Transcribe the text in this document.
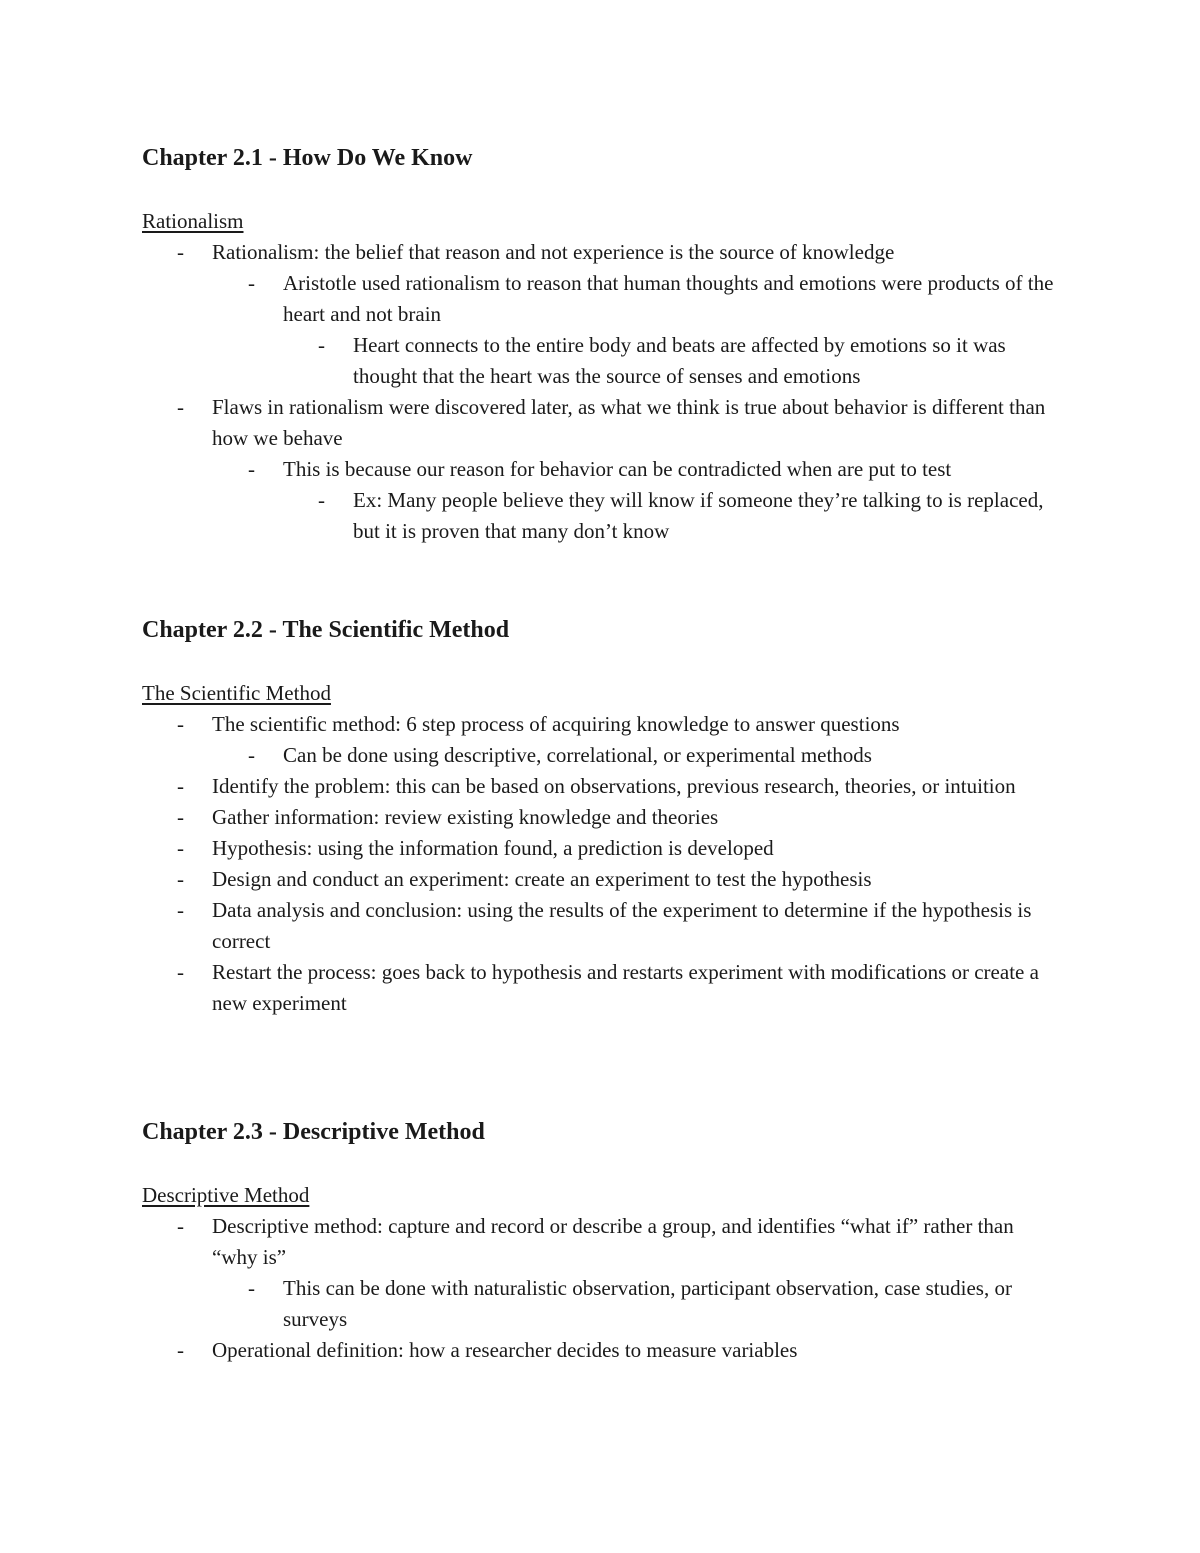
Chapter 2.1 - How Do We Know
Rationalism
- Rationalism: the belief that reason and not experience is the source of knowledge
- Aristotle used rationalism to reason that human thoughts and emotions were products of the heart and not brain
- Heart connects to the entire body and beats are affected by emotions so it was thought that the heart was the source of senses and emotions
- Flaws in rationalism were discovered later, as what we think is true about behavior is different than how we behave
- This is because our reason for behavior can be contradicted when are put to test
- Ex: Many people believe they will know if someone they’re talking to is replaced, but it is proven that many don’t know
Chapter 2.2 - The Scientific Method
The Scientific Method
- The scientific method: 6 step process of acquiring knowledge to answer questions
- Can be done using descriptive, correlational, or experimental methods
- Identify the problem: this can be based on observations, previous research, theories, or intuition
- Gather information: review existing knowledge and theories
- Hypothesis: using the information found, a prediction is developed
- Design and conduct an experiment: create an experiment to test the hypothesis
- Data analysis and conclusion: using the results of the experiment to determine if the hypothesis is correct
- Restart the process: goes back to hypothesis and restarts experiment with modifications or create a new experiment
Chapter 2.3 - Descriptive Method
Descriptive Method
- Descriptive method: capture and record or describe a group, and identifies “what if” rather than “why is”
- This can be done with naturalistic observation, participant observation, case studies, or surveys
- Operational definition: how a researcher decides to measure variables
